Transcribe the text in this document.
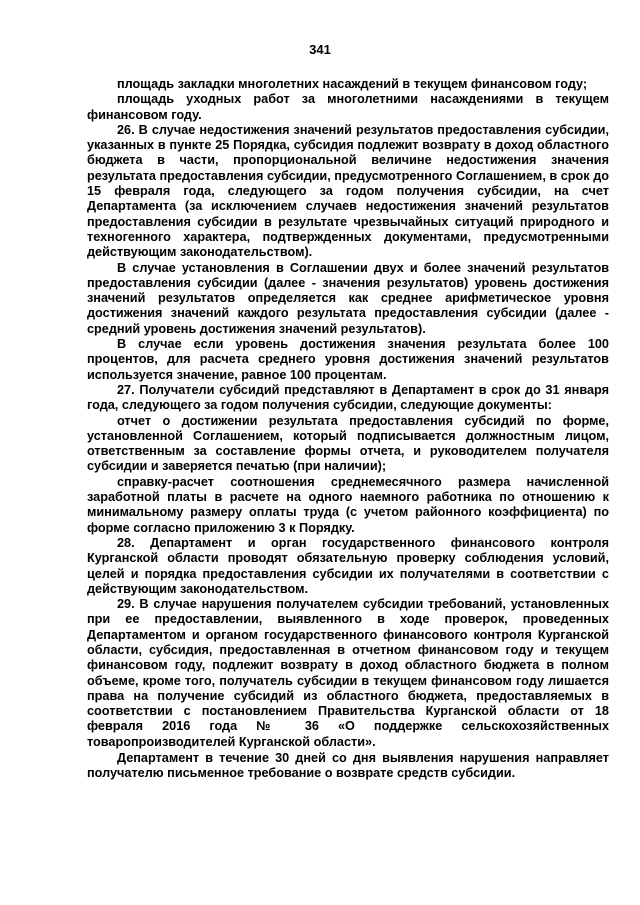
341

площадь закладки многолетних насаждений в текущем финансовом году;

площадь уходных работ за многолетними насаждениями в текущем финансовом году.

26. В случае недостижения значений результатов предоставления субсидии, указанных в пункте 25 Порядка, субсидия подлежит возврату в доход областного бюджета в части, пропорциональной величине недостижения значения результата предоставления субсидии, предусмотренного Соглашением, в срок до 15 февраля года, следующего за годом получения субсидии, на счет Департамента (за исключением случаев недостижения значений результатов предоставления субсидии в результате чрезвычайных ситуаций природного и техногенного характера, подтвержденных документами, предусмотренными действующим законодательством).

В случае установления в Соглашении двух и более значений результатов предоставления субсидии (далее - значения результатов) уровень достижения значений результатов определяется как среднее арифметическое уровня достижения значений каждого результата предоставления субсидии (далее - средний уровень достижения значений результатов).

В случае если уровень достижения значения результата более 100 процентов, для расчета среднего уровня достижения значений результатов используется значение, равное 100 процентам.

27. Получатели субсидий представляют в Департамент в срок до 31 января года, следующего за годом получения субсидии, следующие документы:

отчет о достижении результата предоставления субсидий по форме, установленной Соглашением, который подписывается должностным лицом, ответственным за составление формы отчета, и руководителем получателя субсидии и заверяется печатью (при наличии);

справку-расчет соотношения среднемесячного размера начисленной заработной платы в расчете на одного наемного работника по отношению к минимальному размеру оплаты труда (с учетом районного коэффициента) по форме согласно приложению 3 к Порядку.

28. Департамент и орган государственного финансового контроля Курганской области проводят обязательную проверку соблюдения условий, целей и порядка предоставления субсидии их получателями в соответствии с действующим законодательством.

29. В случае нарушения получателем субсидии требований, установленных при ее предоставлении, выявленного в ходе проверок, проведенных Департаментом и органом государственного финансового контроля Курганской области, субсидия, предоставленная в отчетном финансовом году и текущем финансовом году, подлежит возврату в доход областного бюджета в полном объеме, кроме того, получатель субсидии в текущем финансовом году лишается права на получение субсидий из областного бюджета, предоставляемых в соответствии с постановлением Правительства Курганской области от 18 февраля 2016 года № 36 «О поддержке сельскохозяйственных товаропроизводителей Курганской области».

Департамент в течение 30 дней со дня выявления нарушения направляет получателю письменное требование о возврате средств субсидии.
